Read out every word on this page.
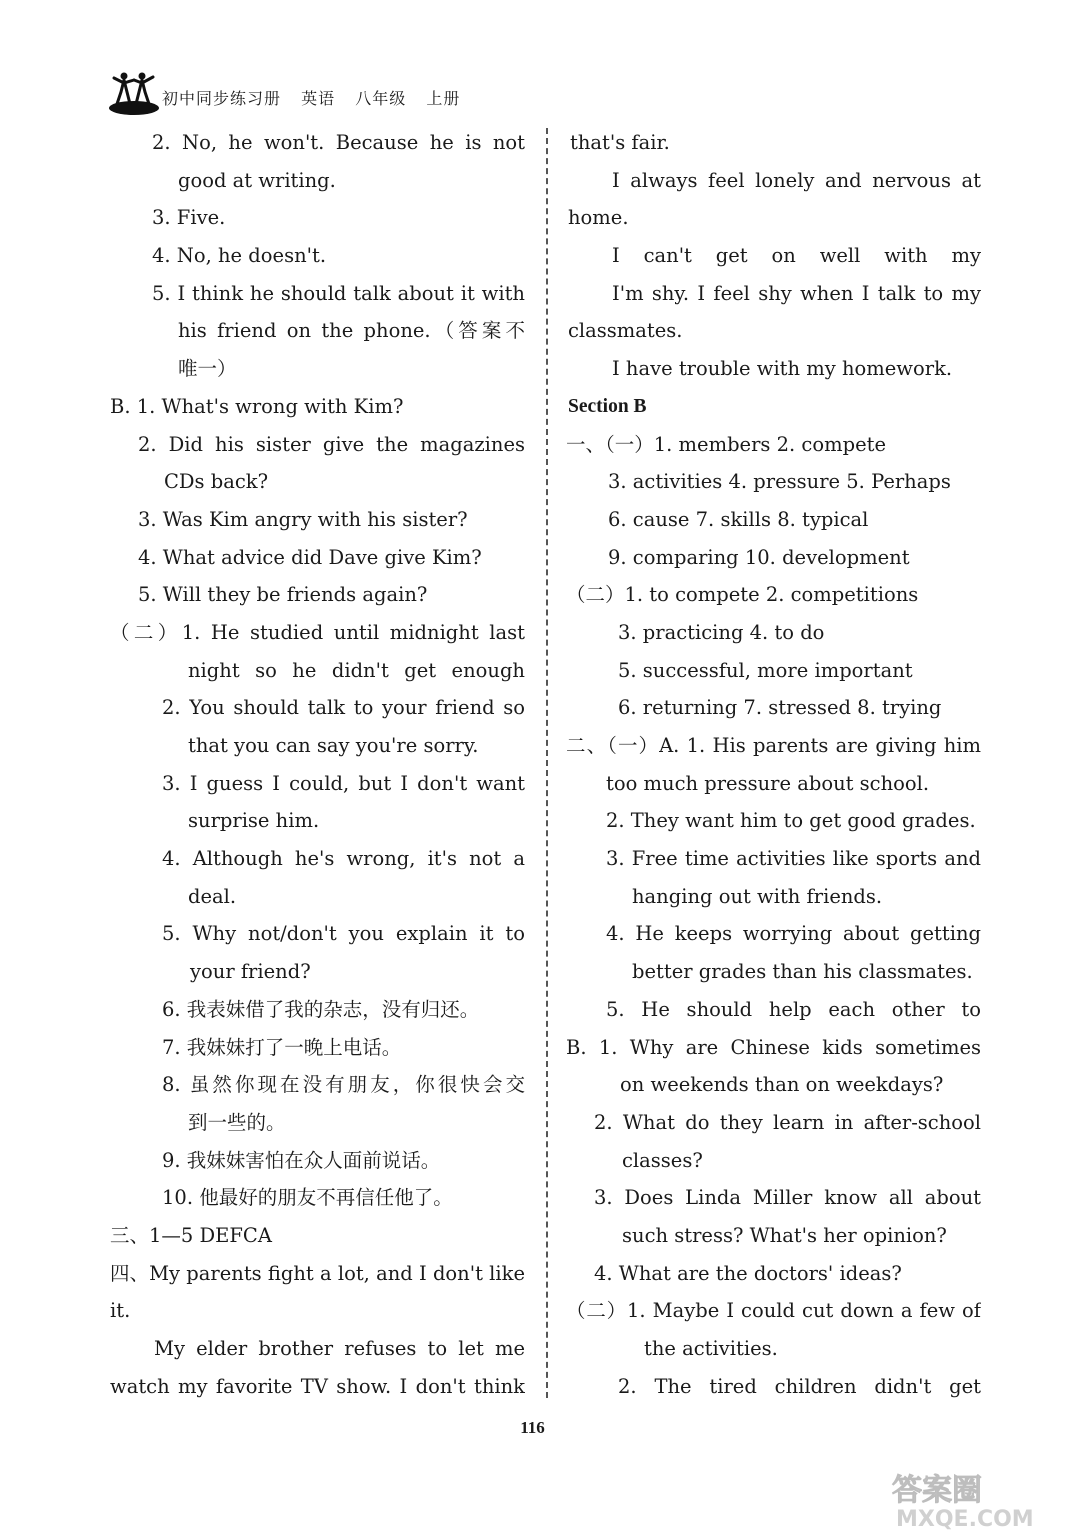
初中同步练习册 英语 八年级 上册
2. No, he won't. Because he is not
good at writing.
3. Five.
4. No, he doesn't.
5. I think he should talk about it with
his friend on the phone.（答案不
唯一）
B. 1. What's wrong with Kim?
2. Did his sister give the magazines
CDs back?
3. Was Kim angry with his sister?
4. What advice did Dave give Kim?
5. Will they be friends again?
（二）1. He studied until midnight last
night so he didn't get enough
2. You should talk to your friend so
that you can say you're sorry.
3. I guess I could, but I don't want
surprise him.
4. Although he's wrong, it's not a
deal.
5. Why not/don't you explain it to
your friend?
6. 我表妹借了我的杂志，没有归还。
7. 我妹妹打了一晚上电话。
8. 虽然你现在没有朋友，你很快会交
到一些的。
9. 我妹妹害怕在众人面前说话。
10. 他最好的朋友不再信任他了。
三、1—5 DEFCA
四、My parents fight a lot, and I don't like
it.
My elder brother refuses to let me
watch my favorite TV show. I don't think
that's fair.
I always feel lonely and nervous at
home.
I can't get on well with my
I'm shy. I feel shy when I talk to my
classmates.
I have trouble with my homework.
Section B
一、（一）1. members 2. compete
3. activities 4. pressure 5. Perhaps
6. cause 7. skills 8. typical
9. comparing 10. development
（二）1. to compete 2. competitions
3. practicing 4. to do
5. successful, more important
6. returning 7. stressed 8. trying
二、（一）A. 1. His parents are giving him
too much pressure about school.
2. They want him to get good grades.
3. Free time activities like sports and
hanging out with friends.
4. He keeps worrying about getting
better grades than his classmates.
5. He should help each other to
B. 1. Why are Chinese kids sometimes
on weekends than on weekdays?
2. What do they learn in after-school
classes?
3. Does Linda Miller know all about
such stress? What's her opinion?
4. What are the doctors' ideas?
（二）1. Maybe I could cut down a few of
the activities.
2. The tired children didn't get
116
答案圈
MXQE.COM
